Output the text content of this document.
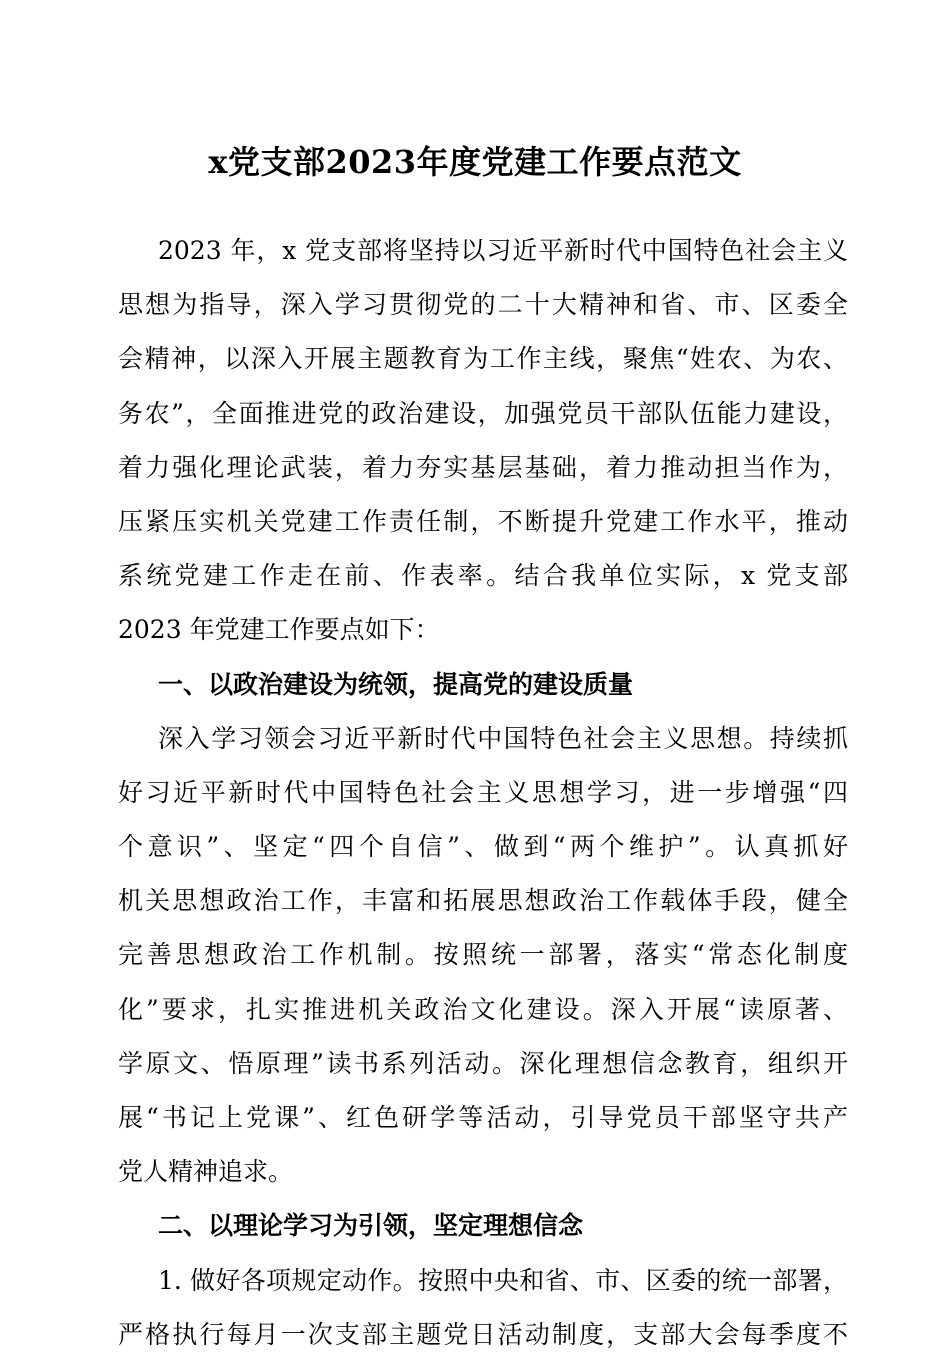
x党支部2023年度党建工作要点范文
2023 年，x 党支部将坚持以习近平新时代中国特色社会主义
思想为指导，深入学习贯彻党的二十大精神和省、市、区委全
会精神，以深入开展主题教育为工作主线，聚焦“姓农、为农、
务农”，全面推进党的政治建设，加强党员干部队伍能力建设，
着力强化理论武装，着力夯实基层基础，着力推动担当作为，
压紧压实机关党建工作责任制，不断提升党建工作水平，推动
系统党建工作走在前、作表率。结合我单位实际，x 党支部
2023 年党建工作要点如下：
一、以政治建设为统领，提高党的建设质量
深入学习领会习近平新时代中国特色社会主义思想。持续抓
好习近平新时代中国特色社会主义思想学习，进一步增强“四
个意识”、坚定“四个自信”、做到“两个维护”。认真抓好
机关思想政治工作，丰富和拓展思想政治工作载体手段，健全
完善思想政治工作机制。按照统一部署，落实“常态化制度
化”要求，扎实推进机关政治文化建设。深入开展“读原著、
学原文、悟原理”读书系列活动。深化理想信念教育，组织开
展“书记上党课”、红色研学等活动，引导党员干部坚守共产
党人精神追求。
二、以理论学习为引领，坚定理想信念
1. 做好各项规定动作。按照中央和省、市、区委的统一部署，
严格执行每月一次支部主题党日活动制度，支部大会每季度不
